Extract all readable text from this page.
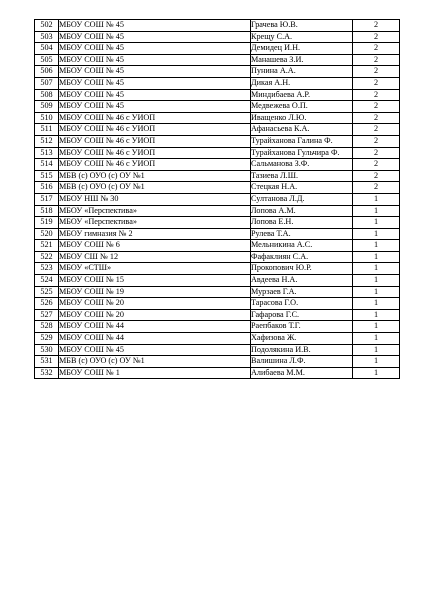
502	МБОУ СОШ № 45	Грачева Ю.В.	2
503	МБОУ СОШ № 45	Крещу С.А.	2
504	МБОУ СОШ № 45	Демидец И.Н.	2
505	МБОУ СОШ № 45	Манашева З.И.	2
506	МБОУ СОШ № 45	Пунина А.А.	2
507	МБОУ СОШ № 45	Дикая А.Н.	2
508	МБОУ СОШ № 45	Миндибаева А.Р.	2
509	МБОУ СОШ № 45	Медвежева О.П.	2
510	МБОУ СОШ № 46 с УИОП	Иващенко Л.Ю.	2
511	МБОУ СОШ № 46 с УИОП	Афанасьева К.А.	2
512	МБОУ СОШ № 46 с УИОП	Турайханова Галина Ф.	2
513	МБОУ СОШ № 46 с УИОП	Турайханова Гульчира Ф.	2
514	МБОУ СОШ № 46 с УИОП	Сальманова З.Ф.	2
515	МБВ (с) ОУО (с) ОУ №1	Тазиева Л.Ш.	2
516	МБВ (с) ОУО (с) ОУ №1	Стецкая Н.А.	2
517	МБОУ НШ № 30	Султанова Л.Д.	1
518	МБОУ «Перспектива»	Лопова А.М.	1
519	МБОУ «Перспектива»	Лопова Е.Н.	1
520	МБОУ гимназия № 2	Рулева Т.А.	1
521	МБОУ СОШ № 6	Мельникина А.С.	1
522	МБОУ СШ № 12	Фафаклиян С.А.	1
523	МБОУ «СТШ»	Прокопович Ю.Р.	1
524	МБОУ СОШ № 15	Авдеева Н.А.	1
525	МБОУ СОШ № 19	Мурзаев Г.А.	1
526	МБОУ СОШ № 20	Тарасова Г.О.	1
527	МБОУ СОШ № 20	Гафарова Г.С.	1
528	МБОУ СОШ № 44	Раепбаков Т.Г.	1
529	МБОУ СОШ № 44	Хафизова Ж.	1
530	МБОУ СОШ № 45	Подолякина И.В.	1
531	МБВ (с) ОУО (с) ОУ №1	Валишина Л.Ф.	1
532	МБОУ СОШ № 1	Алибаева М.М.	1
